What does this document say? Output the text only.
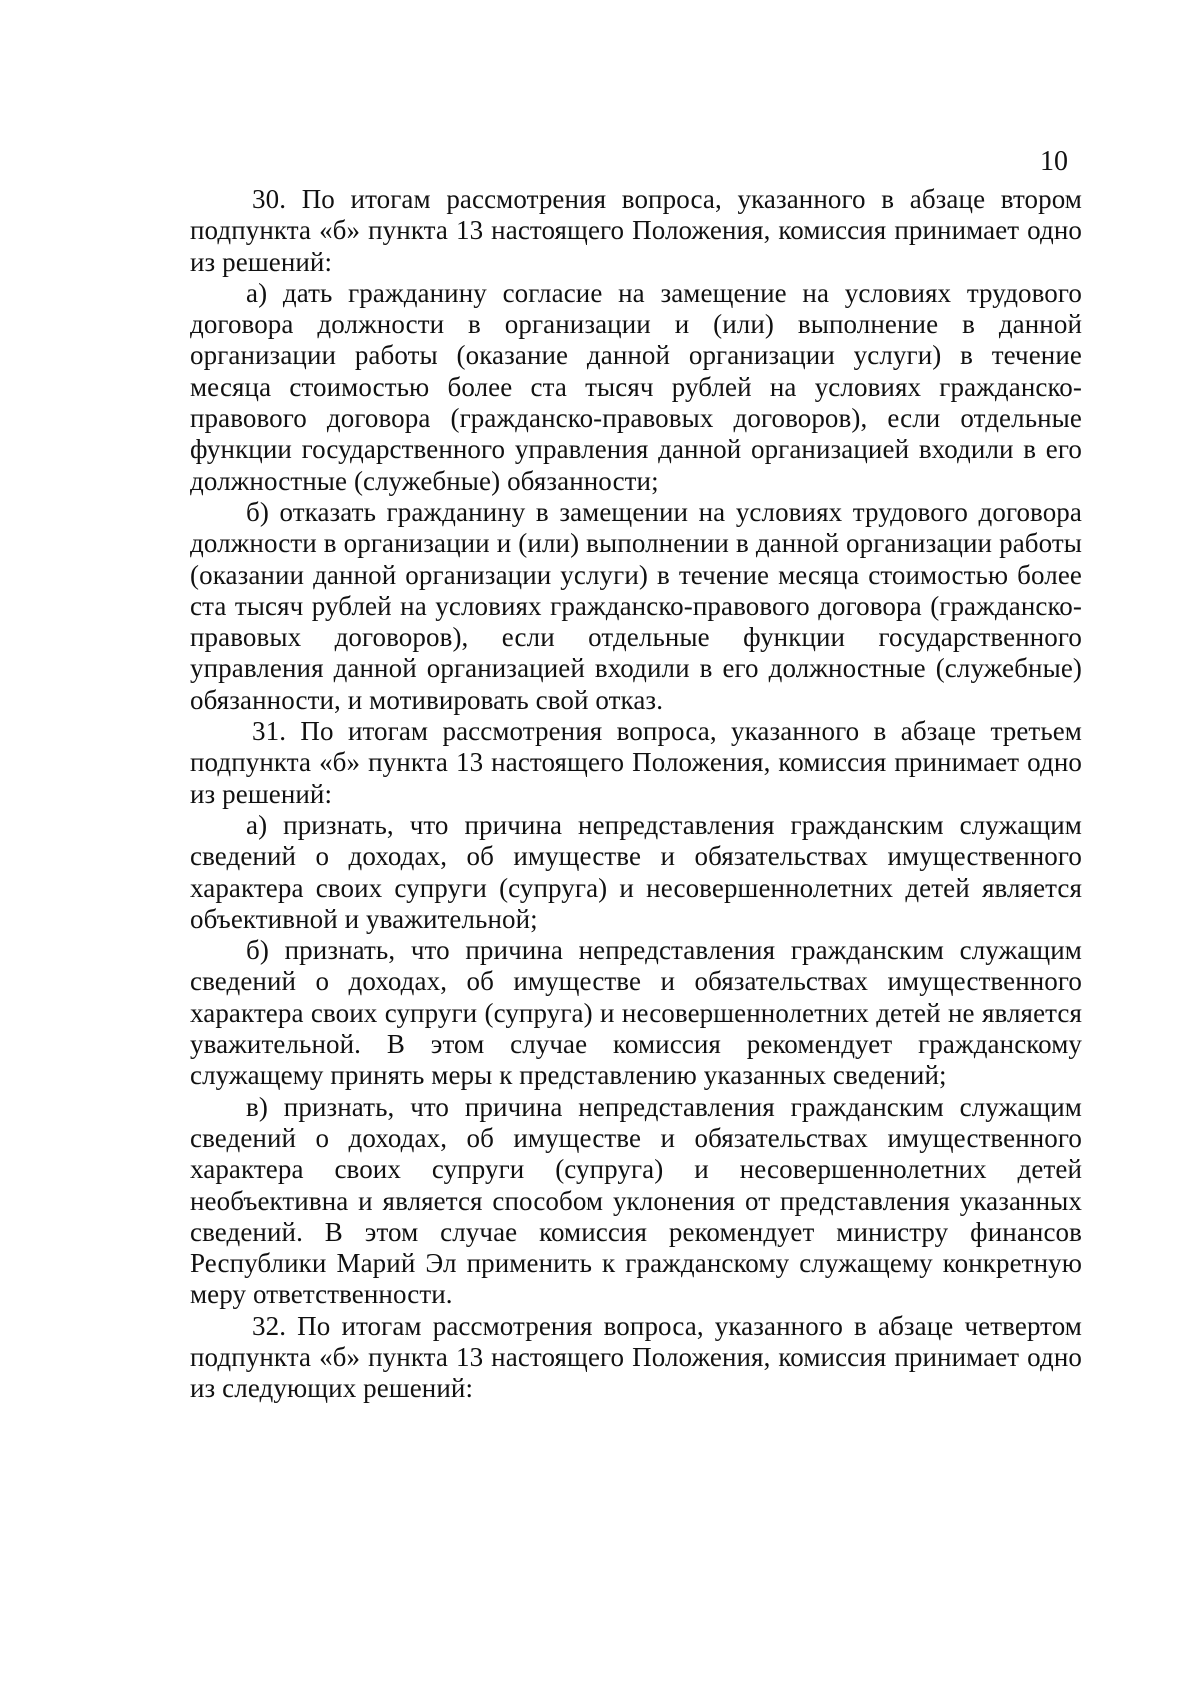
10

30. По итогам рассмотрения вопроса, указанного в абзаце втором подпункта «б» пункта 13 настоящего Положения, комиссия принимает одно из решений:

а) дать гражданину согласие на замещение на условиях трудового договора должности в организации и (или) выполнение в данной организации работы (оказание данной организации услуги) в течение месяца стоимостью более ста тысяч рублей на условиях гражданско-правового договора (гражданско-правовых договоров), если отдельные функции государственного управления данной организацией входили в его должностные (служебные) обязанности;

б) отказать гражданину в замещении на условиях трудового договора должности в организации и (или) выполнении в данной организации работы (оказании данной организации услуги) в течение месяца стоимостью более ста тысяч рублей на условиях гражданско-правового договора (гражданско-правовых договоров), если отдельные функции государственного управления данной организацией входили в его должностные (служебные) обязанности, и мотивировать свой отказ.

31. По итогам рассмотрения вопроса, указанного в абзаце третьем подпункта «б» пункта 13 настоящего Положения, комиссия принимает одно из решений:

а) признать, что причина непредставления гражданским служащим сведений о доходах, об имуществе и обязательствах имущественного характера своих супруги (супруга) и несовершеннолетних детей является объективной и уважительной;

б) признать, что причина непредставления гражданским служащим сведений о доходах, об имуществе и обязательствах имущественного характера своих супруги (супруга) и несовершеннолетних детей не является уважительной. В этом случае комиссия рекомендует гражданскому служащему принять меры к представлению указанных сведений;

в) признать, что причина непредставления гражданским служащим сведений о доходах, об имуществе и обязательствах имущественного характера своих супруги (супруга) и несовершеннолетних детей необъективна и является способом уклонения от представления указанных сведений. В этом случае комиссия рекомендует министру финансов Республики Марий Эл применить к гражданскому служащему конкретную меру ответственности.

32. По итогам рассмотрения вопроса, указанного в абзаце четвертом подпункта «б» пункта 13 настоящего Положения, комиссия принимает одно из следующих решений:
